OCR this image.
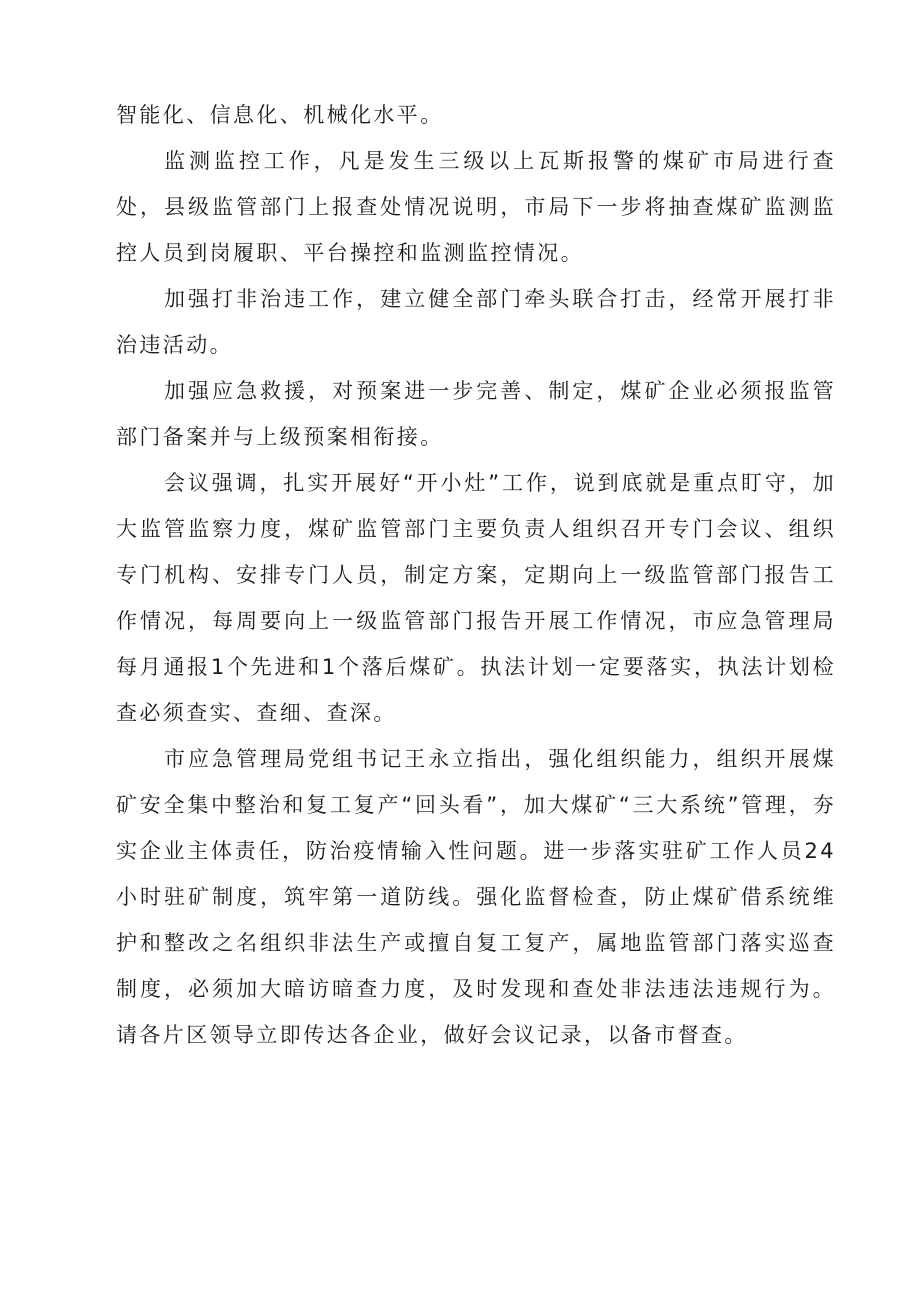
智能化、信息化、机械化水平。

监测监控工作，凡是发生三级以上瓦斯报警的煤矿市局进行查处，县级监管部门上报查处情况说明，市局下一步将抽查煤矿监测监控人员到岗履职、平台操控和监测监控情况。

加强打非治违工作，建立健全部门牵头联合打击，经常开展打非治违活动。

加强应急救援，对预案进一步完善、制定，煤矿企业必须报监管部门备案并与上级预案相衔接。

会议强调，扎实开展好“开小灶”工作，说到底就是重点盯守，加大监管监察力度，煤矿监管部门主要负责人组织召开专门会议、组织专门机构、安排专门人员，制定方案，定期向上一级监管部门报告工作情况，每周要向上一级监管部门报告开展工作情况，市应急管理局每月通报1个先进和1个落后煤矿。执法计划一定要落实，执法计划检查必须查实、查细、查深。

市应急管理局党组书记王永立指出，强化组织能力，组织开展煤矿安全集中整治和复工复产“回头看”，加大煤矿“三大系统”管理，夯实企业主体责任，防治疫情输入性问题。进一步落实驻矿工作人员24小时驻矿制度，筑牢第一道防线。强化监督检查，防止煤矿借系统维护和整改之名组织非法生产或擅自复工复产，属地监管部门落实巡查制度，必须加大暗访暗查力度，及时发现和查处非法违法违规行为。请各片区领导立即传达各企业，做好会议记录，以备市督查。
